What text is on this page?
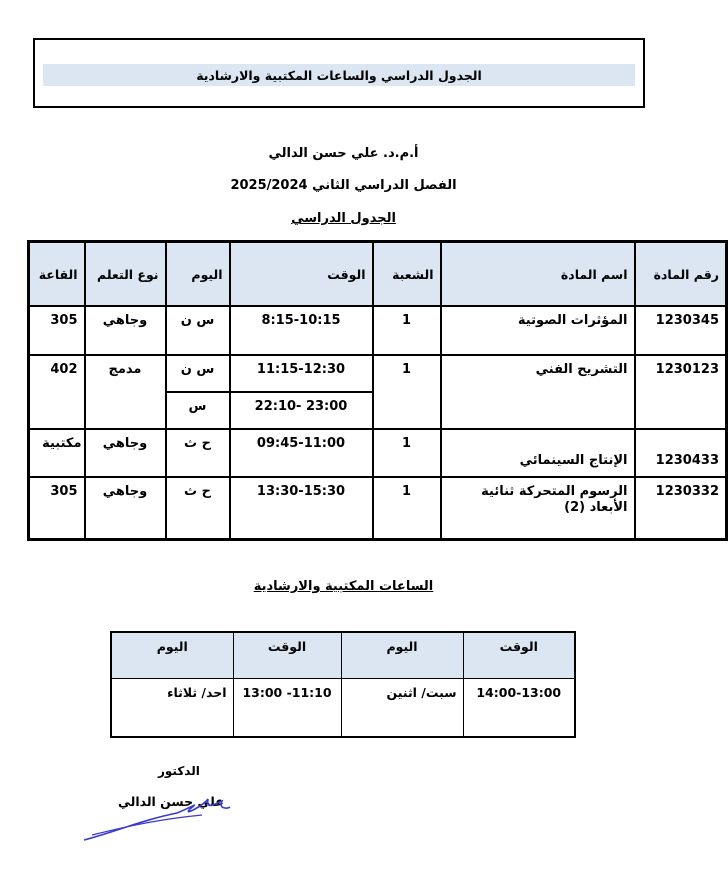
الجدول الدراسي والساعات المكتبية والارشادية
أ.م.د. علي حسن الدالي
الفصل الدراسي الثاني 2025/2024
الجدول الدراسي
رقم المادة	اسم المادة	الشعبة	الوقت	اليوم	نوع التعلم	القاعة
1230345	المؤثرات الصوتية	1	8:15-10:15	س ن	وجاهي	305
1230123	التشريح الفني	1	11:15-12:30	س ن	مدمج	402
			22:10- 23:00	س		
1230433	الإنتاج السينمائي	1	09:45-11:00	ح ث	وجاهي	مكتبية
1230332	الرسوم المتحركة ثنائية الأبعاد (2)	1	13:30-15:30	ح ث	وجاهي	305
الساعات المكتبية والارشادية
اليوم	الوقت	اليوم	الوقت
احد/ ثلاثاء	13:00 -11:10	سبت/ اثنين	14:00-13:00
الدكتور
علي حسن الدالي
